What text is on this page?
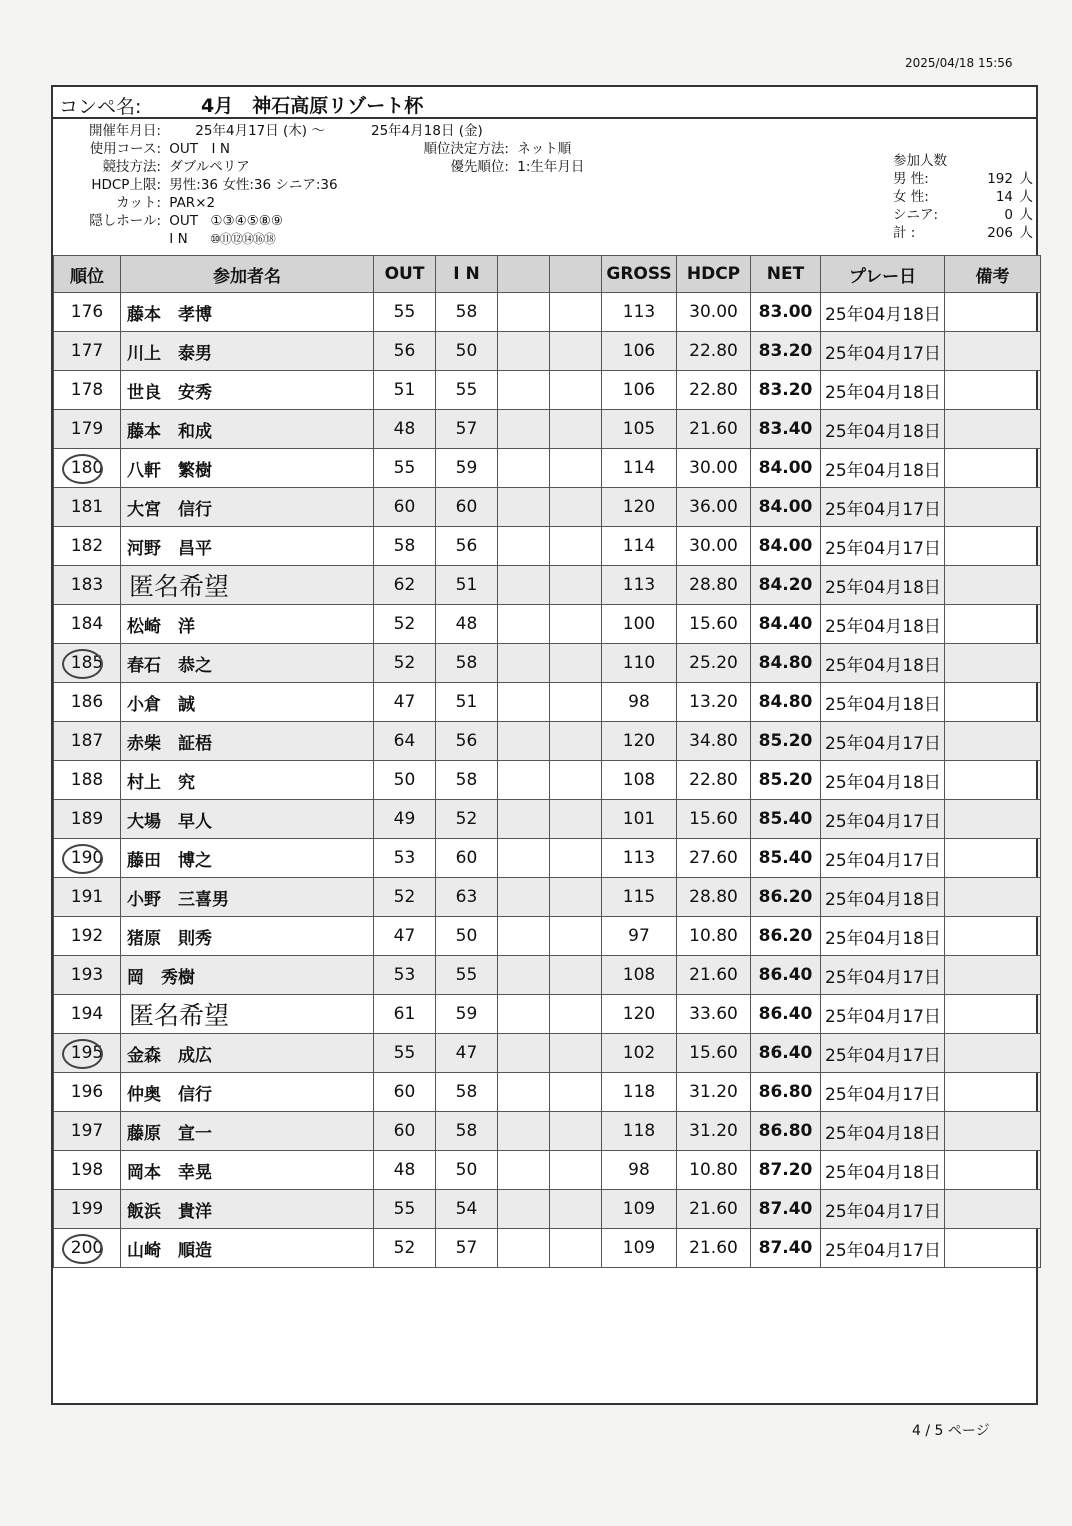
2025/04/18 15:56
コンペ名:	4月　神石高原リゾート杯
開催年月日:	25年4月17日 (木) ～
使用コース: OUT　I N
競技方法: ダブルペリア
HDCP上限: 男性:36 女性:36 シニア:36
カット: PAR×2
隠しホール: OUT ①③④⑤⑧⑨
I N ⑩⑪⑫⑭⑯⑱
25年4月18日 (金)
順位決定方法: ネット順
優先順位: 1:生年月日	参加人数
男 性:	192 人
女 性:	14 人
シニア:	0 人
計 :	206 人
順位	参加者名	OUT	I N			GROSS	HDCP	NET	プレー日	備考
176	藤本　孝博	55	58			113	30.00	83.00	25年04月18日	
177	川上　泰男	56	50			106	22.80	83.20	25年04月17日	
178	世良　安秀	51	55			106	22.80	83.20	25年04月18日	
179	藤本　和成	48	57			105	21.60	83.40	25年04月18日	
180	八軒　繁樹	55	59			114	30.00	84.00	25年04月18日	
181	大宮　信行	60	60			120	36.00	84.00	25年04月17日	
182	河野　昌平	58	56			114	30.00	84.00	25年04月17日	
183	匿名希望	62	51			113	28.80	84.20	25年04月18日	
184	松崎　洋	52	48			100	15.60	84.40	25年04月18日	
185	春石　恭之	52	58			110	25.20	84.80	25年04月18日	
186	小倉　誠	47	51			98	13.20	84.80	25年04月18日	
187	赤柴　証梧	64	56			120	34.80	85.20	25年04月17日	
188	村上　究	50	58			108	22.80	85.20	25年04月18日	
189	大場　早人	49	52			101	15.60	85.40	25年04月17日	
190	藤田　博之	53	60			113	27.60	85.40	25年04月17日	
191	小野　三喜男	52	63			115	28.80	86.20	25年04月18日	
192	猪原　則秀	47	50			97	10.80	86.20	25年04月18日	
193	岡　秀樹	53	55			108	21.60	86.40	25年04月17日	
194	匿名希望	61	59			120	33.60	86.40	25年04月17日	
195	金森　成広	55	47			102	15.60	86.40	25年04月17日	
196	仲奥　信行	60	58			118	31.20	86.80	25年04月17日	
197	藤原　宣一	60	58			118	31.20	86.80	25年04月18日	
198	岡本　幸晃	48	50			98	10.80	87.20	25年04月18日	
199	飯浜　貴洋	55	54			109	21.60	87.40	25年04月17日	
200	山崎　順造	52	57			109	21.60	87.40	25年04月17日	
4 / 5 ページ
